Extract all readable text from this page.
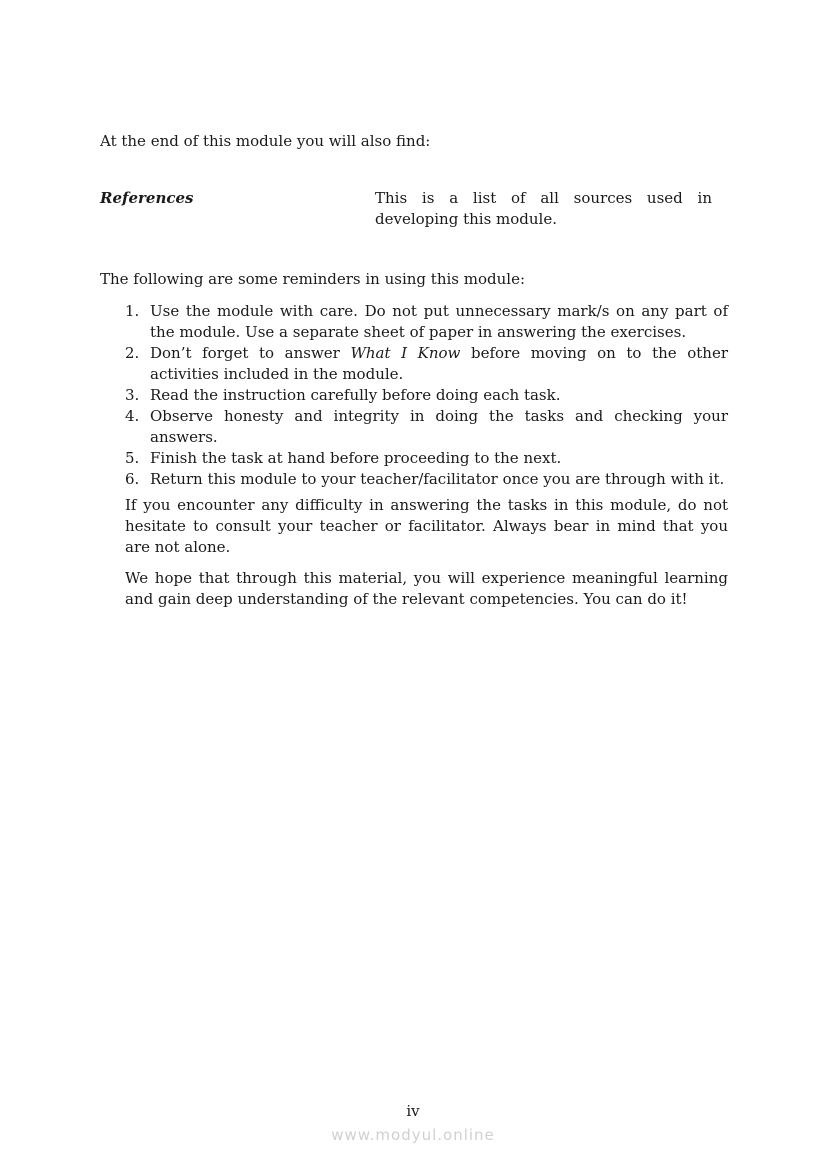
At the end of this module you will also find:

References	This is a list of all sources used in developing this module.

The following are some reminders in using this module:

1. Use the module with care. Do not put unnecessary mark/s on any part of the module. Use a separate sheet of paper in answering the exercises.
2. Don’t forget to answer What I Know before moving on to the other activities included in the module.
3. Read the instruction carefully before doing each task.
4. Observe honesty and integrity in doing the tasks and checking your answers.
5. Finish the task at hand before proceeding to the next.
6. Return this module to your teacher/facilitator once you are through with it.

If you encounter any difficulty in answering the tasks in this module, do not hesitate to consult your teacher or facilitator. Always bear in mind that you are not alone.

We hope that through this material, you will experience meaningful learning and gain deep understanding of the relevant competencies. You can do it!

iv

www.modyul.online
